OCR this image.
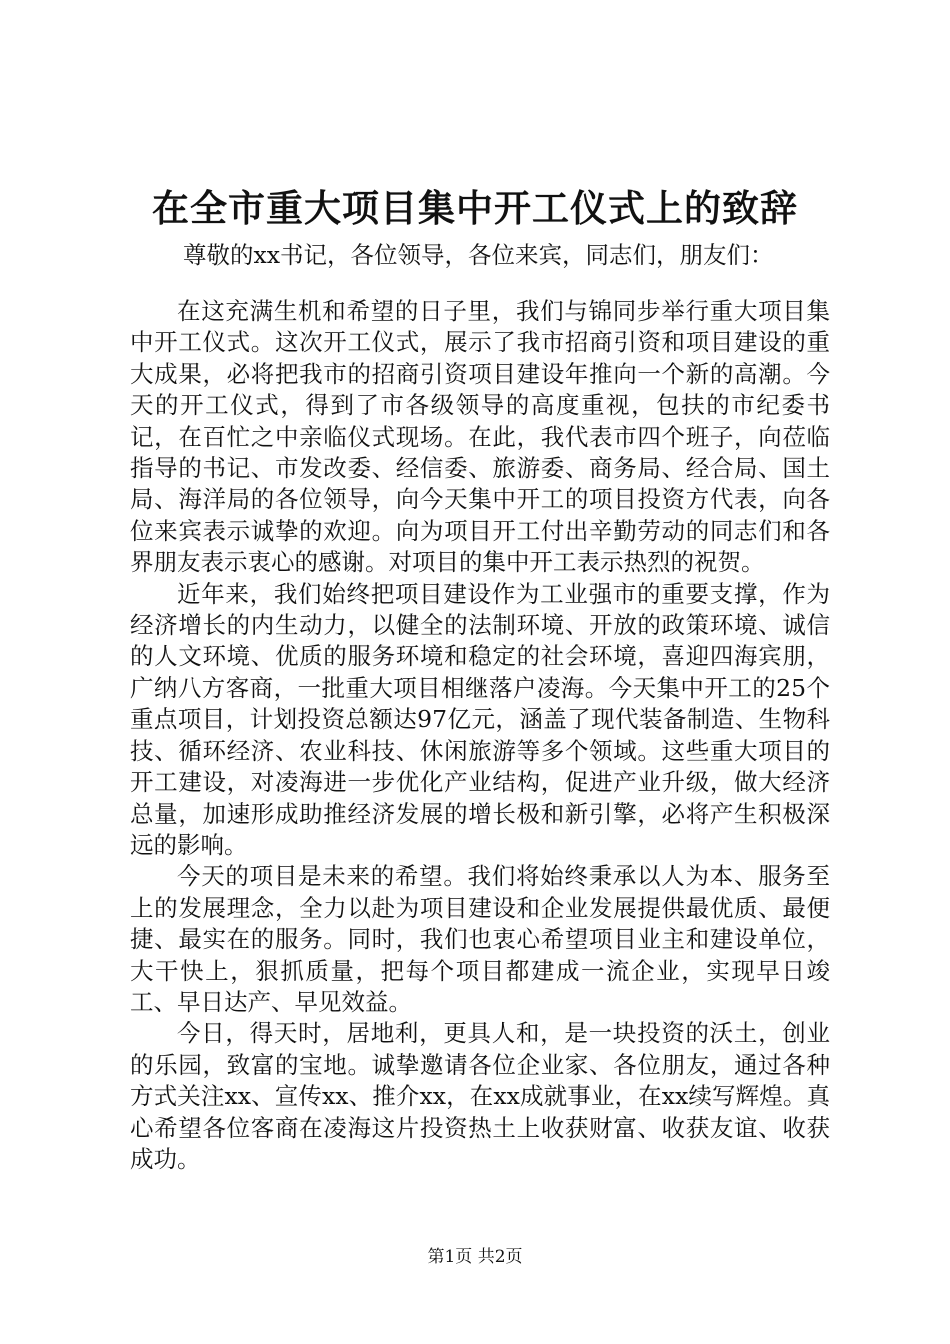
在全市重大项目集中开工仪式上的致辞
尊敬的xx书记，各位领导，各位来宾，同志们，朋友们：

在这充满生机和希望的日子里，我们与锦同步举行重大项目集中开工仪式。这次开工仪式，展示了我市招商引资和项目建设的重大成果，必将把我市的招商引资项目建设年推向一个新的高潮。今天的开工仪式，得到了市各级领导的高度重视，包扶的市纪委书记，在百忙之中亲临仪式现场。在此，我代表市四个班子，向莅临指导的书记、市发改委、经信委、旅游委、商务局、经合局、国土局、海洋局的各位领导，向今天集中开工的项目投资方代表，向各位来宾表示诚挚的欢迎。向为项目开工付出辛勤劳动的同志们和各界朋友表示衷心的感谢。对项目的集中开工表示热烈的祝贺。

近年来，我们始终把项目建设作为工业强市的重要支撑，作为经济增长的内生动力，以健全的法制环境、开放的政策环境、诚信的人文环境、优质的服务环境和稳定的社会环境，喜迎四海宾朋，广纳八方客商，一批重大项目相继落户凌海。今天集中开工的25个重点项目，计划投资总额达97亿元，涵盖了现代装备制造、生物科技、循环经济、农业科技、休闲旅游等多个领域。这些重大项目的开工建设，对凌海进一步优化产业结构，促进产业升级，做大经济总量，加速形成助推经济发展的增长极和新引擎，必将产生积极深远的影响。

今天的项目是未来的希望。我们将始终秉承以人为本、服务至上的发展理念，全力以赴为项目建设和企业发展提供最优质、最便捷、最实在的服务。同时，我们也衷心希望项目业主和建设单位，大干快上，狠抓质量，把每个项目都建成一流企业，实现早日竣工、早日达产、早见效益。

今日，得天时，居地利，更具人和，是一块投资的沃土，创业的乐园，致富的宝地。诚挚邀请各位企业家、各位朋友，通过各种方式关注xx、宣传xx、推介xx，在xx成就事业，在xx续写辉煌。真心希望各位客商在凌海这片投资热土上收获财富、收获友谊、收获成功。

第1页 共2页
